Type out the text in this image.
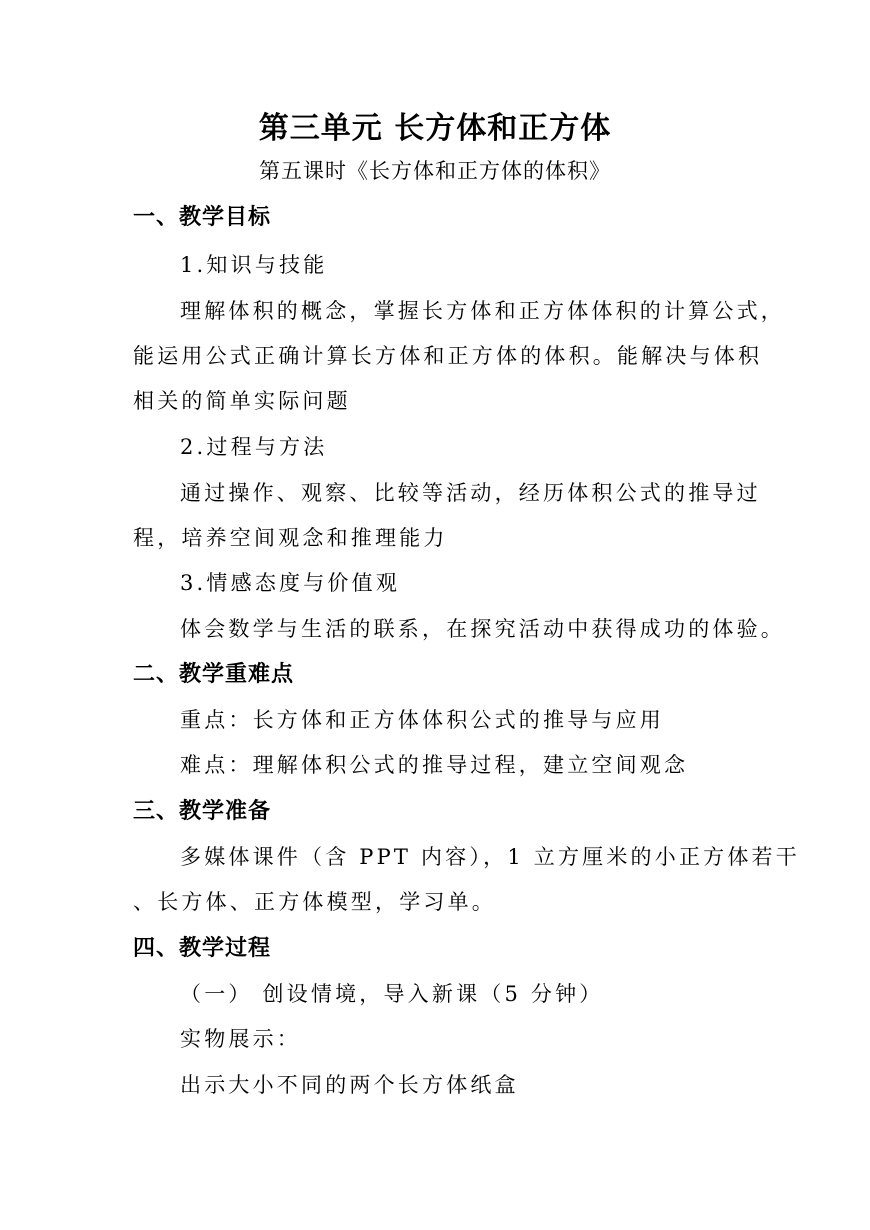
第三单元 长方体和正方体
第五课时《长方体和正方体的体积》
一、教学目标
1.知识与技能
理解体积的概念，掌握长方体和正方体体积的计算公式，
能运用公式正确计算长方体和正方体的体积。能解决与体积
相关的简单实际问题
2.过程与方法
通过操作、观察、比较等活动，经历体积公式的推导过
程，培养空间观念和推理能力
3.情感态度与价值观
体会数学与生活的联系，在探究活动中获得成功的体验。
二、教学重难点
重点：长方体和正方体体积公式的推导与应用
难点：理解体积公式的推导过程，建立空间观念
三、教学准备
多媒体课件（含 PPT 内容），1 立方厘米的小正方体若干
、长方体、正方体模型，学习单。
四、教学过程
（一） 创设情境，导入新课（5 分钟）
实物展示：
出示大小不同的两个长方体纸盒
